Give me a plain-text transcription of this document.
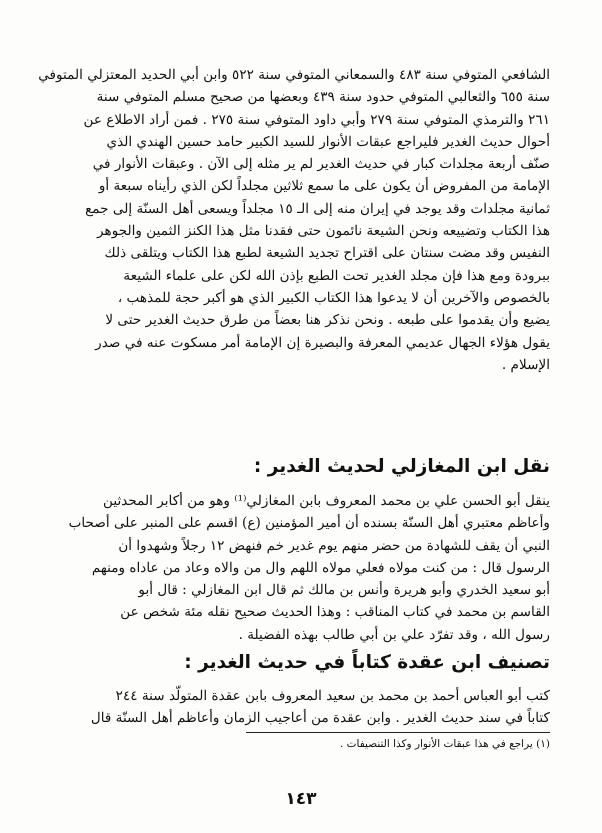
الشافعي المتوفي سنة ٤٨٣ والسمعاني المتوفي سنة ٥٢٢ وابن أبي الحديد المعتزلي المتوفي
سنة ٦٥٥ والثعالبي المتوفي حدود سنة ٤٣٩ وبعضها من صحيح مسلم المتوفي سنة
٢٦١ والترمذي المتوفي سنة ٢٧٩ وأبي داود المتوفي سنة ٢٧٥ . فمن أراد الاطلاع عن
أحوال حديث الغدير فليراجع عبقات الأنوار للسيد الكبير حامد حسين الهندي الذي
صنّف أربعة مجلدات كبار في حديث الغدير لم ير مثله إلى الآن . وعبقات الأنوار في
الإمامة من المفروض أن يكون على ما سمع ثلاثين مجلداً لكن الذي رأيناه سبعة أو
ثمانية مجلدات وقد يوجد في إيران منه إلى الـ ١٥ مجلداً ويسعى أهل السنّة إلى جمع
هذا الكتاب وتضييعه ونحن الشيعة نائمون حتى فقدنا مثل هذا الكنز الثمين والجوهر
النفيس وقد مضت سنتان على اقتراح تجديد الشيعة لطبع هذا الكتاب ويتلقى ذلك
ببرودة ومع هذا فإن مجلد الغدير تحت الطبع بإذن الله لكن على علماء الشيعة
بالخصوص والآخرين أن لا يدعوا هذا الكتاب الكبير الذي هو أكبر حجة للمذهب ،
يضيع وأن يقدموا على طبعه . ونحن نذكر هنا بعضاً من طرق حديث الغدير حتى لا
يقول هؤلاء الجهال عديمي المعرفة والبصيرة إن الإمامة أمر مسكوت عنه في صدر
الإسلام .
نقل ابن المغازلي لحديث الغدير :
ينقل أبو الحسن علي بن محمد المعروف بابن المغازلي⁽¹⁾ وهو من أكابر المحدثين
وأعاظم معتبري أهل السنّة بسنده أن أمير المؤمنين (ع) اقسم على المنبر على أصحاب
النبي أن يقف للشهادة من حضر منهم يوم غدير خم فنهض ١٢ رجلاً وشهدوا أن
الرسول قال : من كنت مولاه فعلي مولاه اللهم وال من والاه وعاد من عاداه ومنهم
أبو سعيد الخدري وأبو هريرة وأنس بن مالك ثم قال ابن المغازلي : قال أبو
القاسم بن محمد في كتاب المناقب : وهذا الحديث صحيح نقله مئة شخص عن
رسول الله ، وقد تفرّد علي بن أبي طالب بهذه الفضيلة .
تصنيف ابن عقدة كتاباً في حديث الغدير :
كتب أبو العباس أحمد بن محمد بن سعيد المعروف بابن عقدة المتولّد سنة ٢٤٤
كتاباً في سند حديث الغدير . وابن عقدة من أعاجيب الزمان وأعاظم أهل السنّة قال
(١) يراجع في هذا عبقات الأنوار وكذا التنصيفات .
١٤٣
